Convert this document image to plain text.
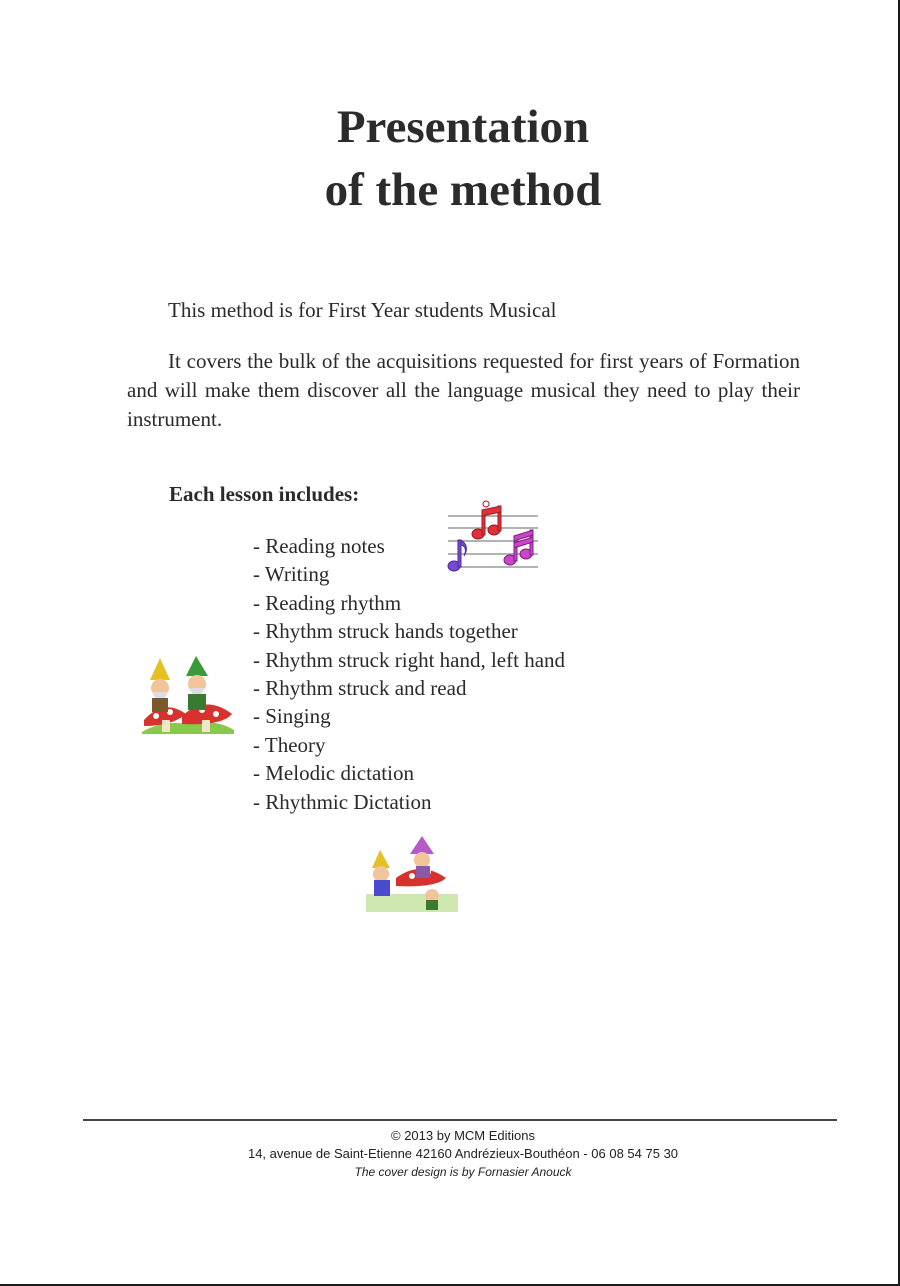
Presentation
of the method
This method is for First Year students Musical
It covers the bulk of the acquisitions requested for first years of Formation and will make them discover all the language musical they need to play their instrument.
Each lesson includes:
- Reading notes
- Writing
- Reading rhythm
- Rhythm struck hands together
- Rhythm struck right hand, left hand
- Rhythm struck and read
- Singing
- Theory
- Melodic dictation
- Rhythmic Dictation
© 2013 by MCM Editions
14, avenue de Saint-Etienne 42160 Andrézieux-Bouthéon - 06 08 54 75 30
The cover design is by Fornasier Anouck
